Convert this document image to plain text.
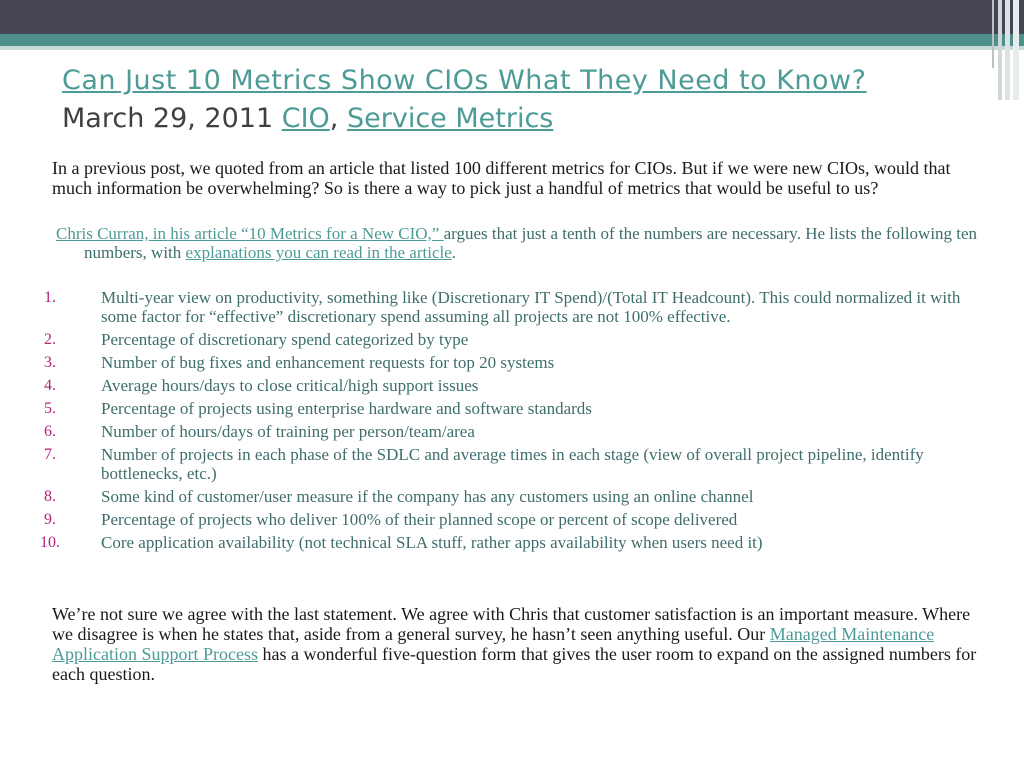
Can Just 10 Metrics Show CIOs What They Need to Know?
March 29, 2011 CIO, Service Metrics
In a previous post, we quoted from an article that listed 100 different metrics for CIOs. But if we were new CIOs, would that much information be overwhelming? So is there a way to pick just a handful of metrics that would be useful to us?
Chris Curran, in his article “10 Metrics for a New CIO,” argues that just a tenth of the numbers are necessary. He lists the following ten numbers, with explanations you can read in the article.
1.	Multi-year view on productivity, something like (Discretionary IT Spend)/(Total IT Headcount). This could normalized it with some factor for “effective” discretionary spend assuming all projects are not 100% effective.
2.	Percentage of discretionary spend categorized by type
3.	Number of bug fixes and enhancement requests for top 20 systems
4.	Average hours/days to close critical/high support issues
5.	Percentage of projects using enterprise hardware and software standards
6.	Number of hours/days of training per person/team/area
7.	Number of projects in each phase of the SDLC and average times in each stage (view of overall project pipeline, identify bottlenecks, etc.)
8.	Some kind of customer/user measure if the company has any customers using an online channel
9.	Percentage of projects who deliver 100% of their planned scope or percent of scope delivered
10.	Core application availability (not technical SLA stuff, rather apps availability when users need it)
We’re not sure we agree with the last statement. We agree with Chris that customer satisfaction is an important measure. Where we disagree is when he states that, aside from a general survey, he hasn’t seen anything useful. Our Managed Maintenance Application Support Process has a wonderful five-question form that gives the user room to expand on the assigned numbers for each question.
